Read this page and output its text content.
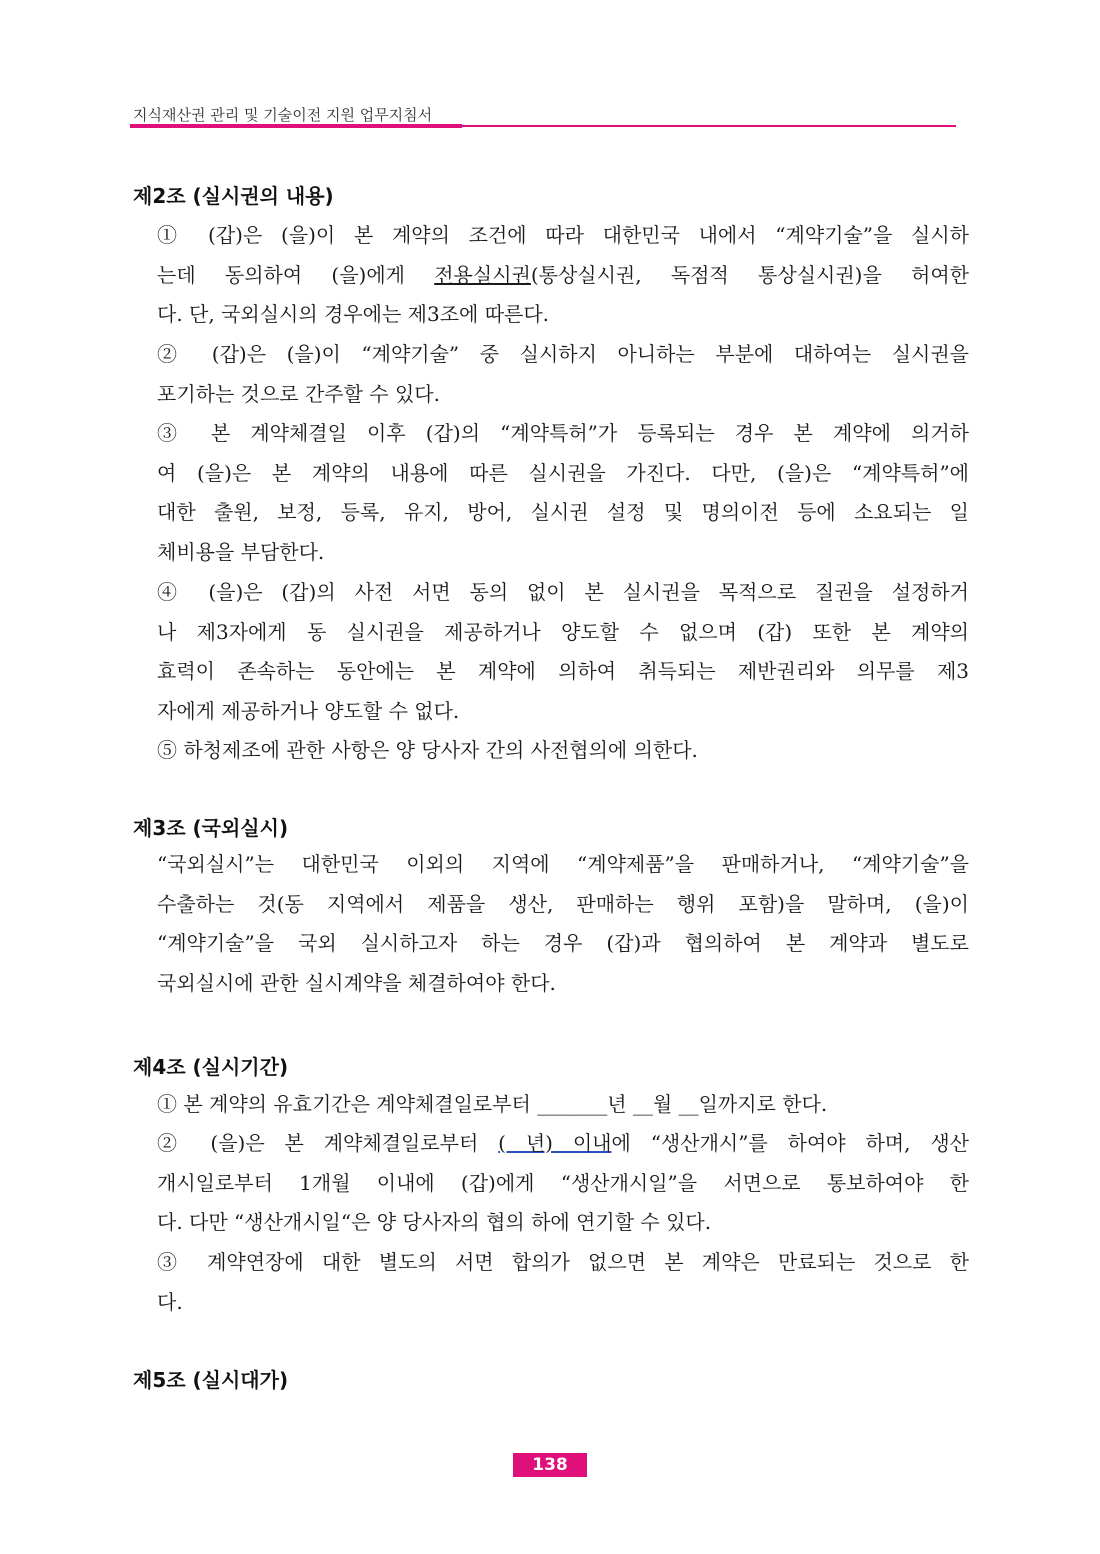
지식재산권 관리 및 기술이전 지원 업무지침서
제2조 (실시권의 내용)
① (갑)은 (을)이 본 계약의 조건에 따라 대한민국 내에서 “계약기술”을 실시하
는데 동의하여 (을)에게 전용실시권(통상실시권, 독점적 통상실시권)을 허여한
다. 단, 국외실시의 경우에는 제3조에 따른다.
② (갑)은 (을)이 “계약기술” 중 실시하지 아니하는 부분에 대하여는 실시권을
포기하는 것으로 간주할 수 있다.
③ 본 계약체결일 이후 (갑)의 “계약특허”가 등록되는 경우 본 계약에 의거하
여 (을)은 본 계약의 내용에 따른 실시권을 가진다. 다만, (을)은 “계약특허”에
대한 출원, 보정, 등록, 유지, 방어, 실시권 설정 및 명의이전 등에 소요되는 일
체비용을 부담한다.
④ (을)은 (갑)의 사전 서면 동의 없이 본 실시권을 목적으로 질권을 설정하거
나 제3자에게 동 실시권을 제공하거나 양도할 수 없으며 (갑) 또한 본 계약의
효력이 존속하는 동안에는 본 계약에 의하여 취득되는 제반권리와 의무를 제3
자에게 제공하거나 양도할 수 없다.
⑤ 하청제조에 관한 사항은 양 당사자 간의 사전협의에 의한다.
제3조 (국외실시)
“국외실시”는 대한민국 이외의 지역에 “계약제품”을 판매하거나, “계약기술”을
수출하는 것(동 지역에서 제품을 생산, 판매하는 행위 포함)을 말하며, (을)이
“계약기술”을 국외 실시하고자 하는 경우 (갑)과 협의하여 본 계약과 별도로
국외실시에 관한 실시계약을 체결하여야 한다.
제4조 (실시기간)
① 본 계약의 유효기간은 계약체결일로부터 _______년 __월 __일까지로 한다.
② (을)은 본 계약체결일로부터 ( 년) 이내에 “생산개시”를 하여야 하며, 생산
개시일로부터 1개월 이내에 (갑)에게 “생산개시일”을 서면으로 통보하여야 한
다. 다만 “생산개시일“은 양 당사자의 협의 하에 연기할 수 있다.
③ 계약연장에 대한 별도의 서면 합의가 없으면 본 계약은 만료되는 것으로 한
다.
제5조 (실시대가)
138
